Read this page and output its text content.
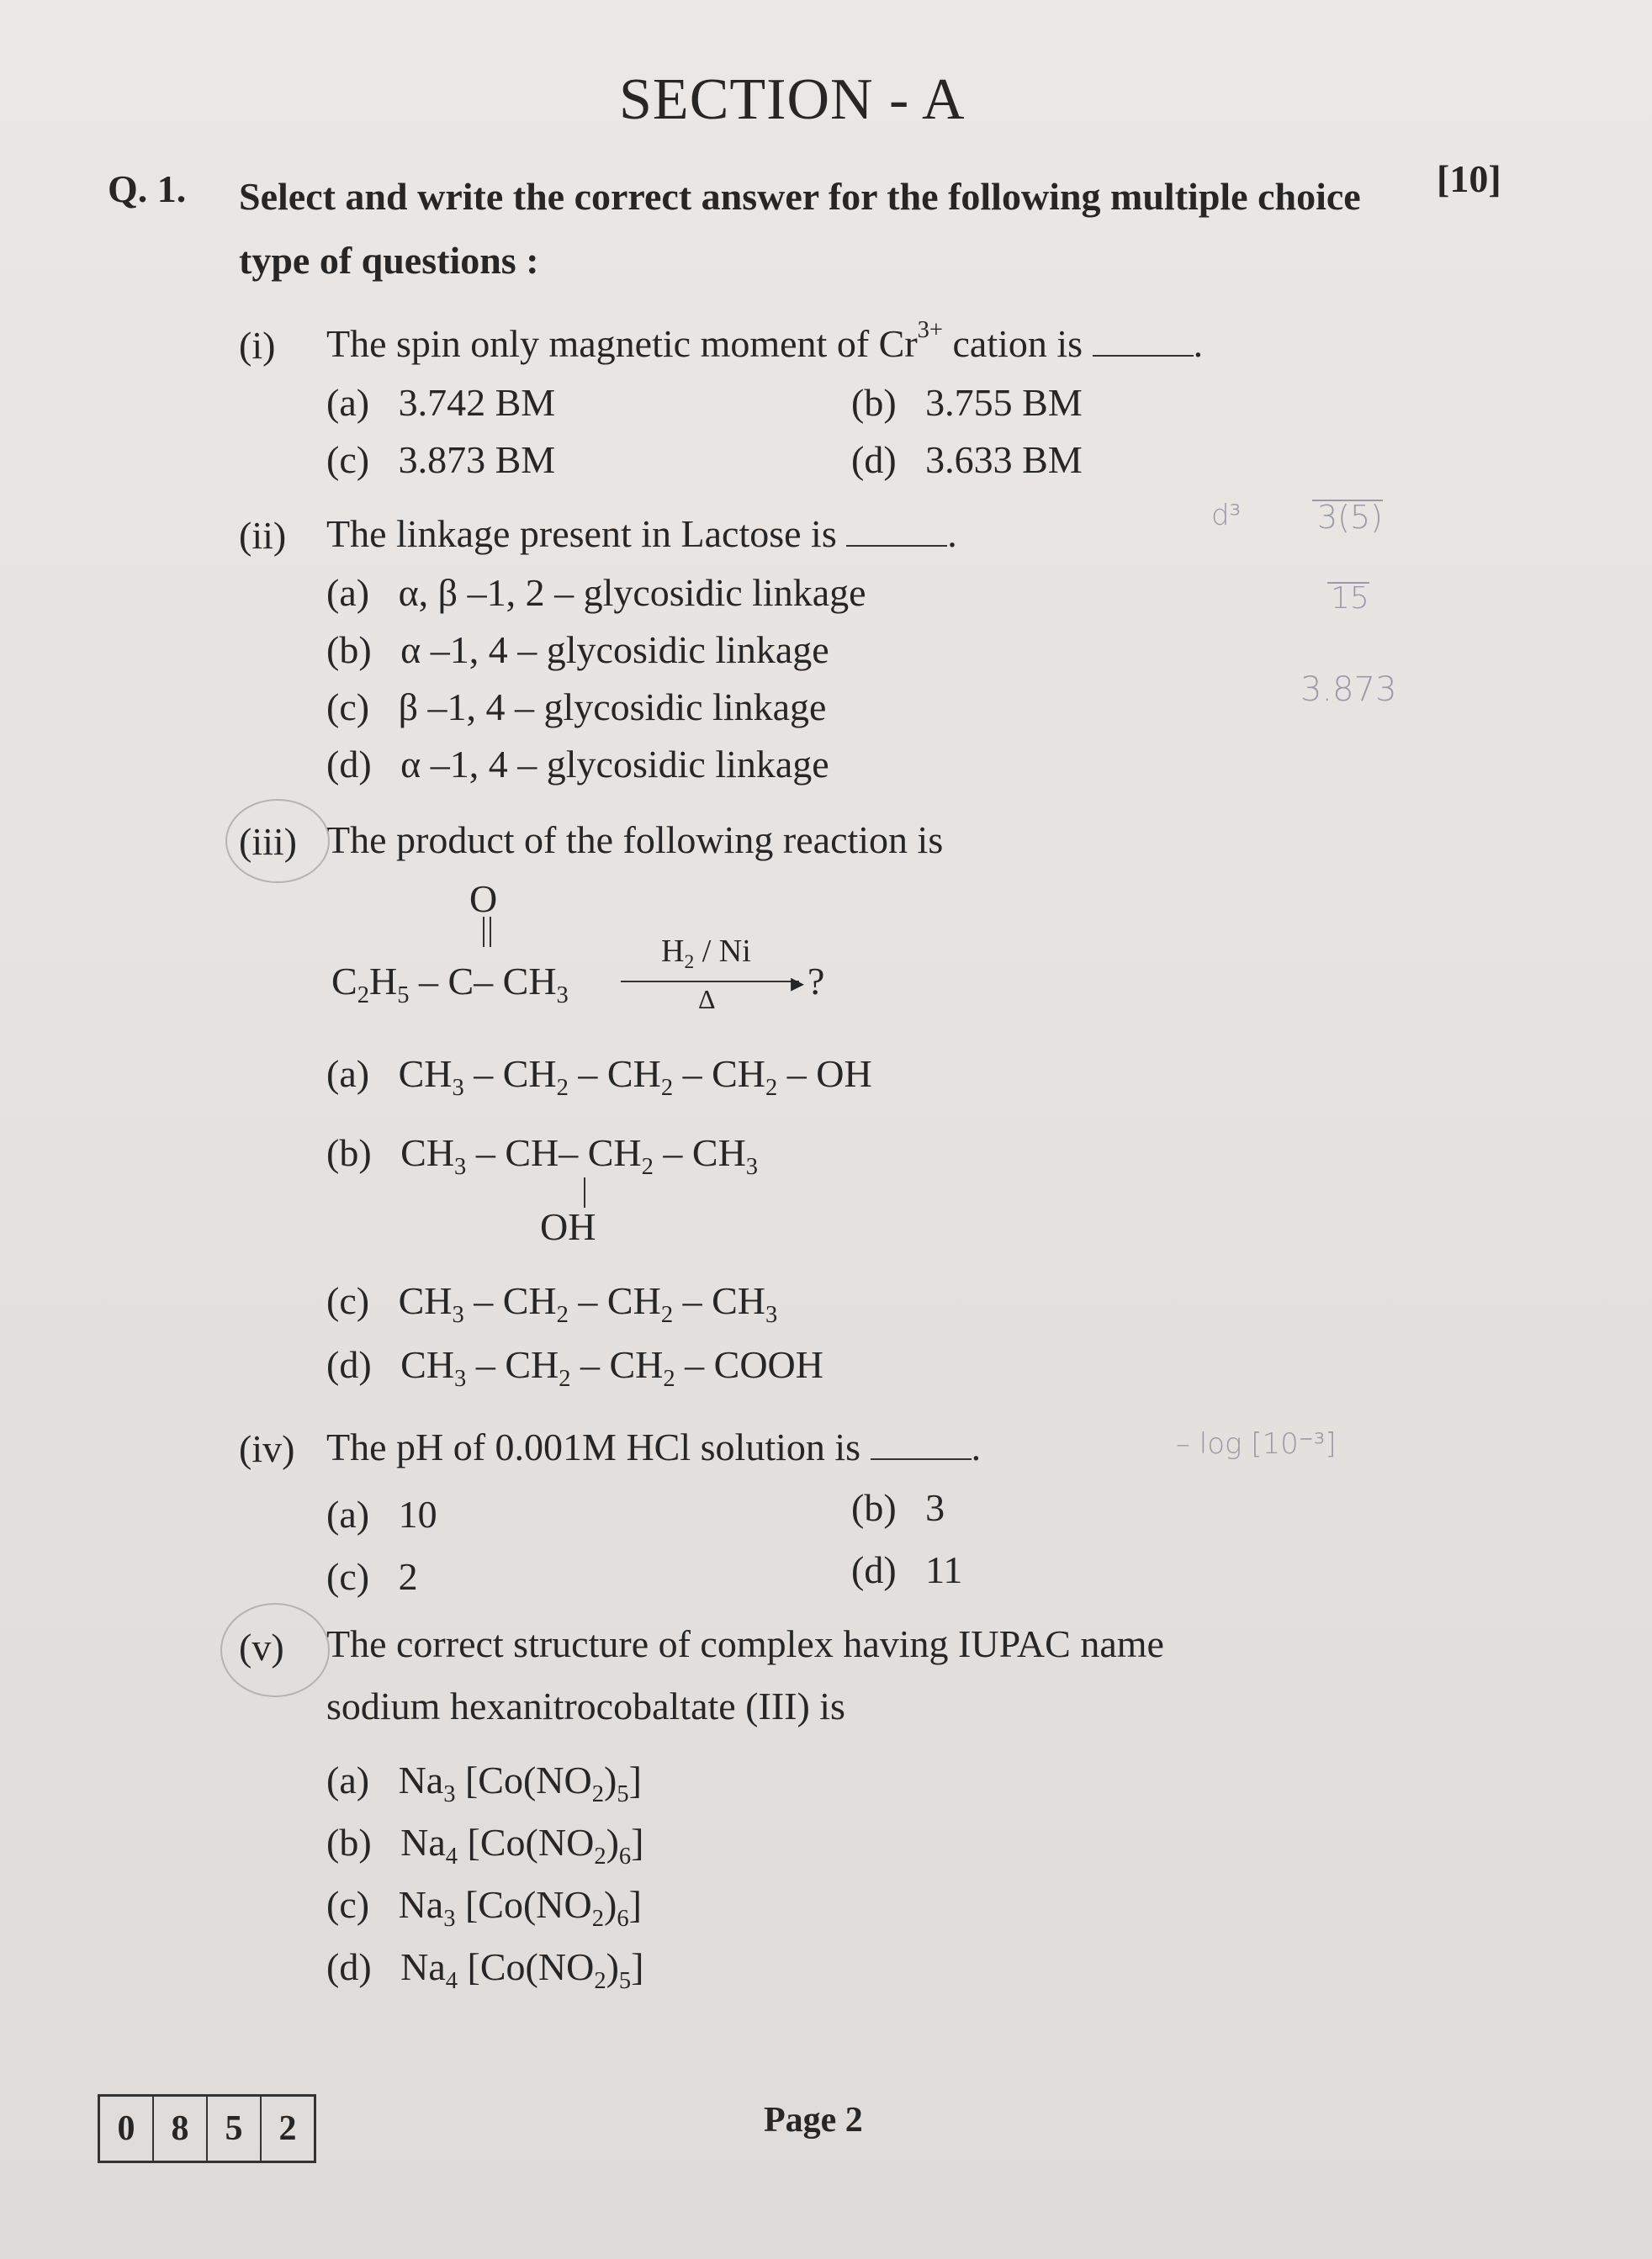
SECTION - A
Q. 1. Select and write the correct answer for the following multiple choice type of questions :
[10]
(i) The spin only magnetic moment of $Cr^{3+}$ cation is	.
(a) 3.742 BM	(b) 3.755 BM
(c) 3.873 BM	(d) 3.633 BM
(ii) The linkage present in Lactose is	.
(a) α, β –1, 2 – glycosidic linkage
(b) α –1, 4 – glycosidic linkage
(c) β –1, 4 – glycosidic linkage
(d) α –1, 4 – glycosidic linkage
(iii) The product of the following reaction is
O
$C_2H_5 - C-$ $CH_3$
$H_2$ / Ni
▸
Δ ?
(a)   $CH_3 - CH_2 - CH_2 - CH_2$ – OH
(b)   $CH_3 - CH-$ $CH_2 - CH_3$
OH
(c)   $CH_3 - CH_2 - CH_2 - CH_3$
(d)   $CH_3 - CH_2 - CH_2$ – COOH
(iv) The pH of 0.001M HCl solution is	.
(a) 10	(b) 3
(c) 2	(d) 11
(v) The correct structure of complex having IUPAC name
sodium hexanitrocobaltate (III) is
(a)   $Na_3$ $[Co(NO_2)_5]$
(b)   $Na_4$ $[Co(NO_2)_6]$
(c)   $Na_3$ $[Co(NO_2)_6]$
(d)   $Na_4$ $[Co(NO_2)_5]$
d³ 3(5)
15
3.873
– log [10⁻³]
0	8	5	2	Page 2
